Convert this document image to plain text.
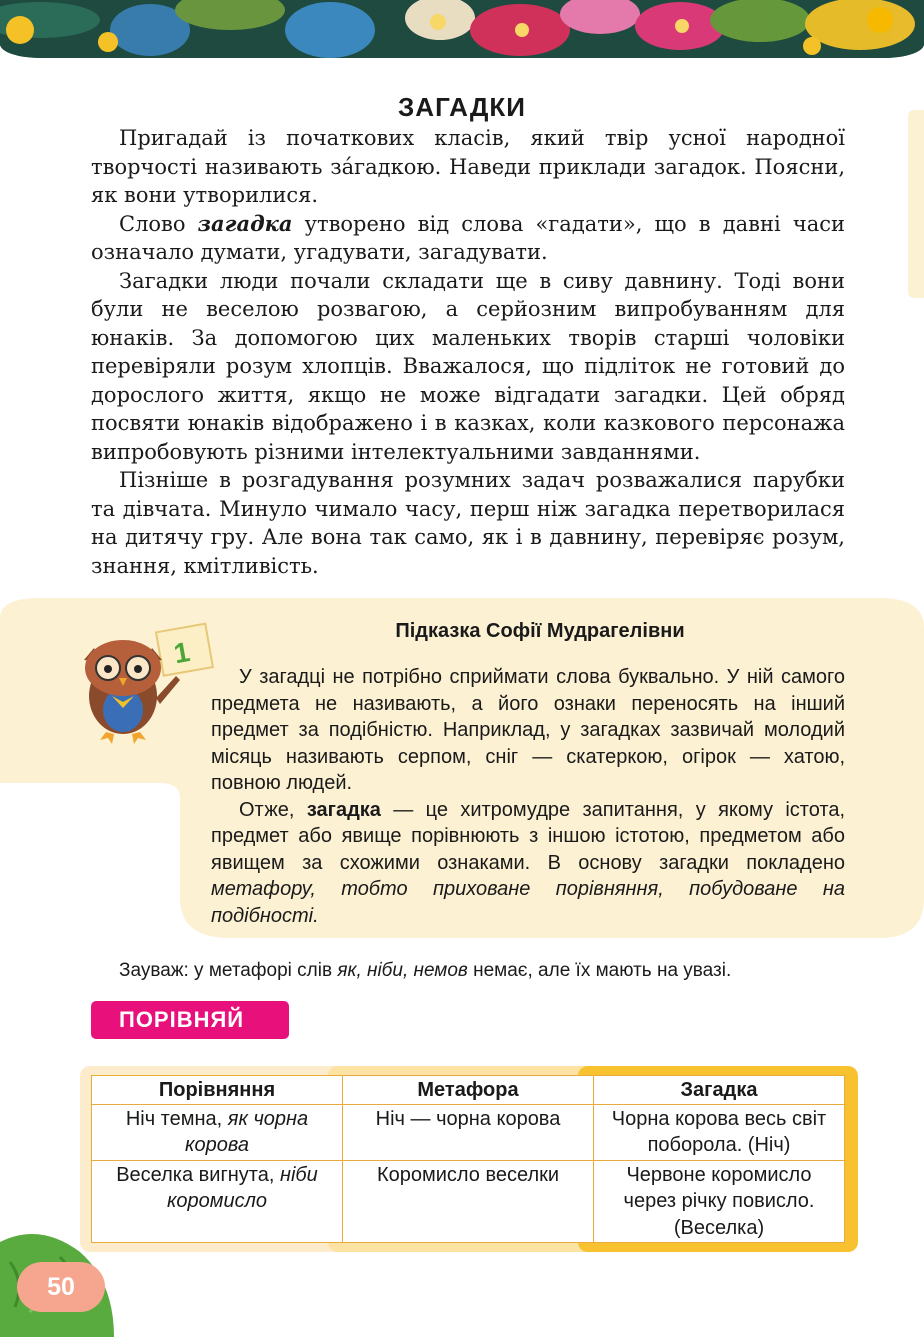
ЗАГАДКИ

Пригадай із початкових класів, який твір усної народної творчості називають за́гадкою. Наведи приклади загадок. Поясни, як вони утворилися.

Слово загадка утворено від слова «гадати», що в давні часи означало думати, угадувати, загадувати.

Загадки люди почали складати ще в сиву давнину. Тоді вони були не веселою розвагою, а серйозним випробуванням для юнаків. За допомогою цих маленьких творів старші чоловіки перевіряли розум хлопців. Вважалося, що підліток не готовий до дорослого життя, якщо не може відгадати загадки. Цей обряд посвяти юнаків відображено і в казках, коли казкового персонажа випробовують різними інтелектуальними завданнями.

Пізніше в розгадування розумних задач розважалися парубки та дівчата. Минуло чимало часу, перш ніж загадка перетворилася на дитячу гру. Але вона так само, як і в давнину, перевіряє розум, знання, кмітливість.

1
Підказка Софії Мудрагелівни

У загадці не потрібно сприймати слова буквально. У ній самого предмета не називають, а його ознаки переносять на інший предмет за подібністю. Наприклад, у загадках зазвичай молодий місяць називають серпом, сніг — скатеркою, огірок — хатою, повною людей.

Отже, загадка — це хитромудре запитання, у якому істота, предмет або явище порівнюють з іншою істотою, предметом або явищем за схожими ознаками. В основу загадки покладено метафору, тобто приховане порівняння, побудоване на подібності.

Зауваж: у метафорі слів як, ніби, немов немає, але їх мають на увазі.

ПОРІВНЯЙ
Порівняння	Метафора	Загадка
Ніч темна, як чорна корова	Ніч — чорна корова	Чорна корова весь світ поборола. (Ніч)
Веселка вигнута, ніби коромисло	Коромисло веселки	Червоне коромисло через річку повисло. (Веселка)
50
